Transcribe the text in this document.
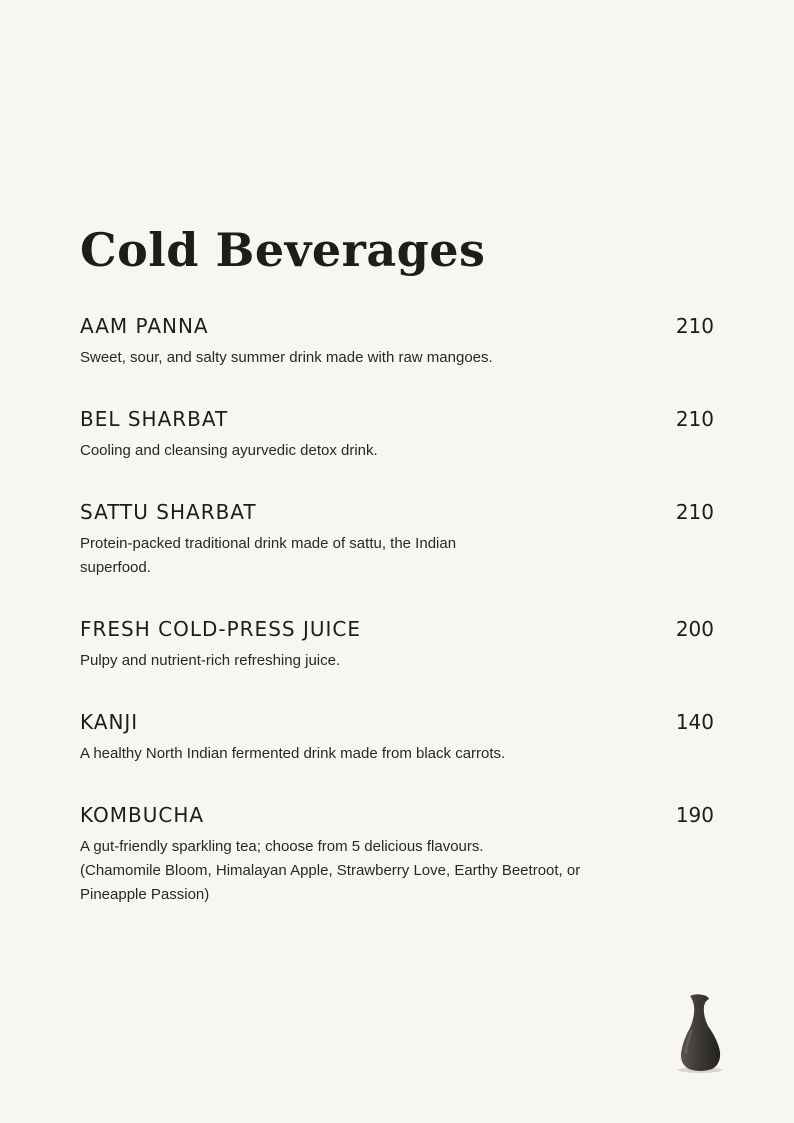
Cold Beverages
AAM PANNA	210
Sweet, sour, and salty summer drink made with raw mangoes.
BEL SHARBAT	210
Cooling and cleansing ayurvedic detox drink.
SATTU SHARBAT	210
Protein-packed traditional drink made of sattu, the Indian superfood.
FRESH COLD-PRESS JUICE	200
Pulpy and nutrient-rich refreshing juice.
KANJI	140
A healthy North Indian fermented drink made from black carrots.
KOMBUCHA	190
A gut-friendly sparkling tea; choose from 5 delicious flavours.
(Chamomile Bloom, Himalayan Apple, Strawberry Love, Earthy Beetroot, or Pineapple Passion)
